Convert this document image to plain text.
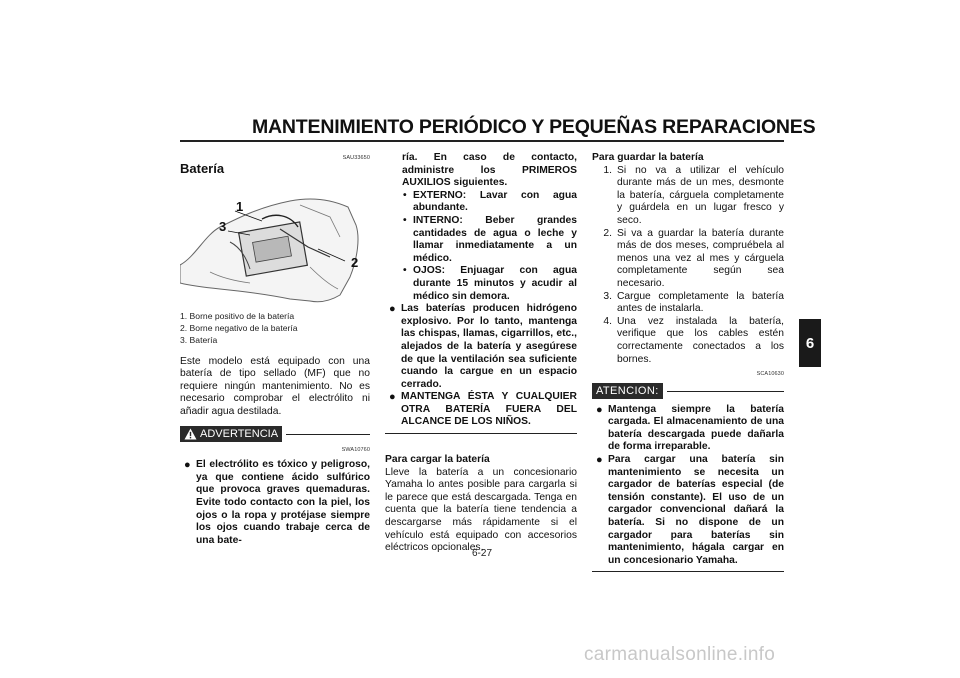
MANTENIMIENTO PERIÓDICO Y PEQUEÑAS REPARACIONES
6
6-27
SAU33650
Batería
1
3
2
1. Borne positivo de la batería
2. Borne negativo de la batería
3. Batería
Este modelo está equipado con una batería de tipo sellado (MF) que no requiere ningún mantenimiento. No es necesario comprobar el electrólito ni añadir agua destilada.
ADVERTENCIA
SWA10760
● El electrólito es tóxico y peligroso, ya que contiene ácido sulfúrico que provoca graves quemaduras. Evite todo contacto con la piel, los ojos o la ropa y protéjase siempre los ojos cuando trabaje cerca de una bate-
ría. En caso de contacto, administre los PRIMEROS AUXILIOS siguientes.
• EXTERNO: Lavar con agua abundante.
• INTERNO: Beber grandes cantidades de agua o leche y llamar inmediatamente a un médico.
• OJOS: Enjuagar con agua durante 15 minutos y acudir al médico sin demora.
● Las baterías producen hidrógeno explosivo. Por lo tanto, mantenga las chispas, llamas, cigarrillos, etc., alejados de la batería y asegúrese de que la ventilación sea suficiente cuando la cargue en un espacio cerrado.
● MANTENGA ÉSTA Y CUALQUIER OTRA BATERÍA FUERA DEL ALCANCE DE LOS NIÑOS.
Para cargar la batería
Lleve la batería a un concesionario Yamaha lo antes posible para cargarla si le parece que está descargada. Tenga en cuenta que la batería tiene tendencia a descargarse más rápidamente si el vehículo está equipado con accesorios eléctricos opcionales.
Para guardar la batería
1. Si no va a utilizar el vehículo durante más de un mes, desmonte la batería, cárguela completamente y guárdela en un lugar fresco y seco.
2. Si va a guardar la batería durante más de dos meses, compruébela al menos una vez al mes y cárguela completamente según sea necesario.
3. Cargue completamente la batería antes de instalarla.
4. Una vez instalada la batería, verifique que los cables estén correctamente conectados a los bornes.
SCA10630
ATENCION:
● Mantenga siempre la batería cargada. El almacenamiento de una batería descargada puede dañarla de forma irreparable.
● Para cargar una batería sin mantenimiento se necesita un cargador de baterías especial (de tensión constante). El uso de un cargador convencional dañará la batería. Si no dispone de un cargador para baterías sin mantenimiento, hágala cargar en un concesionario Yamaha.
carmanualsonline.info
